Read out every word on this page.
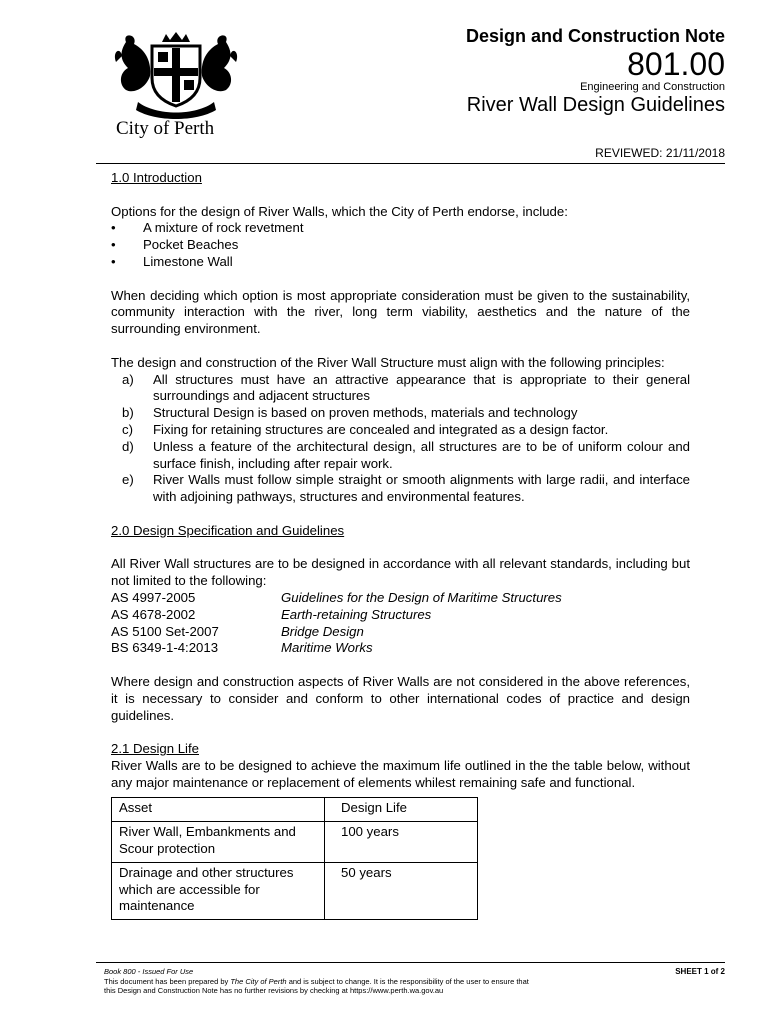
City of Perth
Design and Construction Note
801.00
Engineering and Construction
River Wall Design Guidelines
REVIEWED: 21/11/2018

1.0 Introduction

Options for the design of River Walls, which the City of Perth endorse, include:

•	A mixture of rock revetment
•	Pocket Beaches
•	Limestone Wall

When deciding which option is most appropriate consideration must be given to the sustainability, community interaction with the river, long term viability, aesthetics and the nature of the surrounding environment.

The design and construction of the River Wall Structure must align with the following principles:

a)	All structures must have an attractive appearance that is appropriate to their general surroundings and adjacent structures
b)	Structural Design is based on proven methods, materials and technology
c)	Fixing for retaining structures are concealed and integrated as a design factor.
d)	Unless a feature of the architectural design, all structures are to be of uniform colour and surface finish, including after repair work.
e)	River Walls must follow simple straight or smooth alignments with large radii, and interface with adjoining pathways, structures and environmental features.

2.0 Design Specification and Guidelines

All River Wall structures are to be designed in accordance with all relevant standards, including but not limited to the following:

AS 4997-2005	Guidelines for the Design of Maritime Structures
AS 4678-2002	Earth-retaining Structures
AS 5100 Set-2007	Bridge Design
BS 6349-1-4:2013	Maritime Works

Where design and construction aspects of River Walls are not considered in the above references, it is necessary to consider and conform to other international codes of practice and design guidelines.

2.1 Design Life

River Walls are to be designed to achieve the maximum life outlined in the the table below, without any major maintenance or replacement of elements whilest remaining safe and functional.

Asset	Design Life
River Wall, Embankments and Scour protection	100 years
Drainage and other structures which are accessible for maintenance	50 years
Book 800 - Issued For Use
This document has been prepared by The City of Perth and is subject to change. It is the responsibility of the user to ensure that
this Design and Construction Note has no further revisions by checking at https://www.perth.wa.gov.au
SHEET 1 of 2
